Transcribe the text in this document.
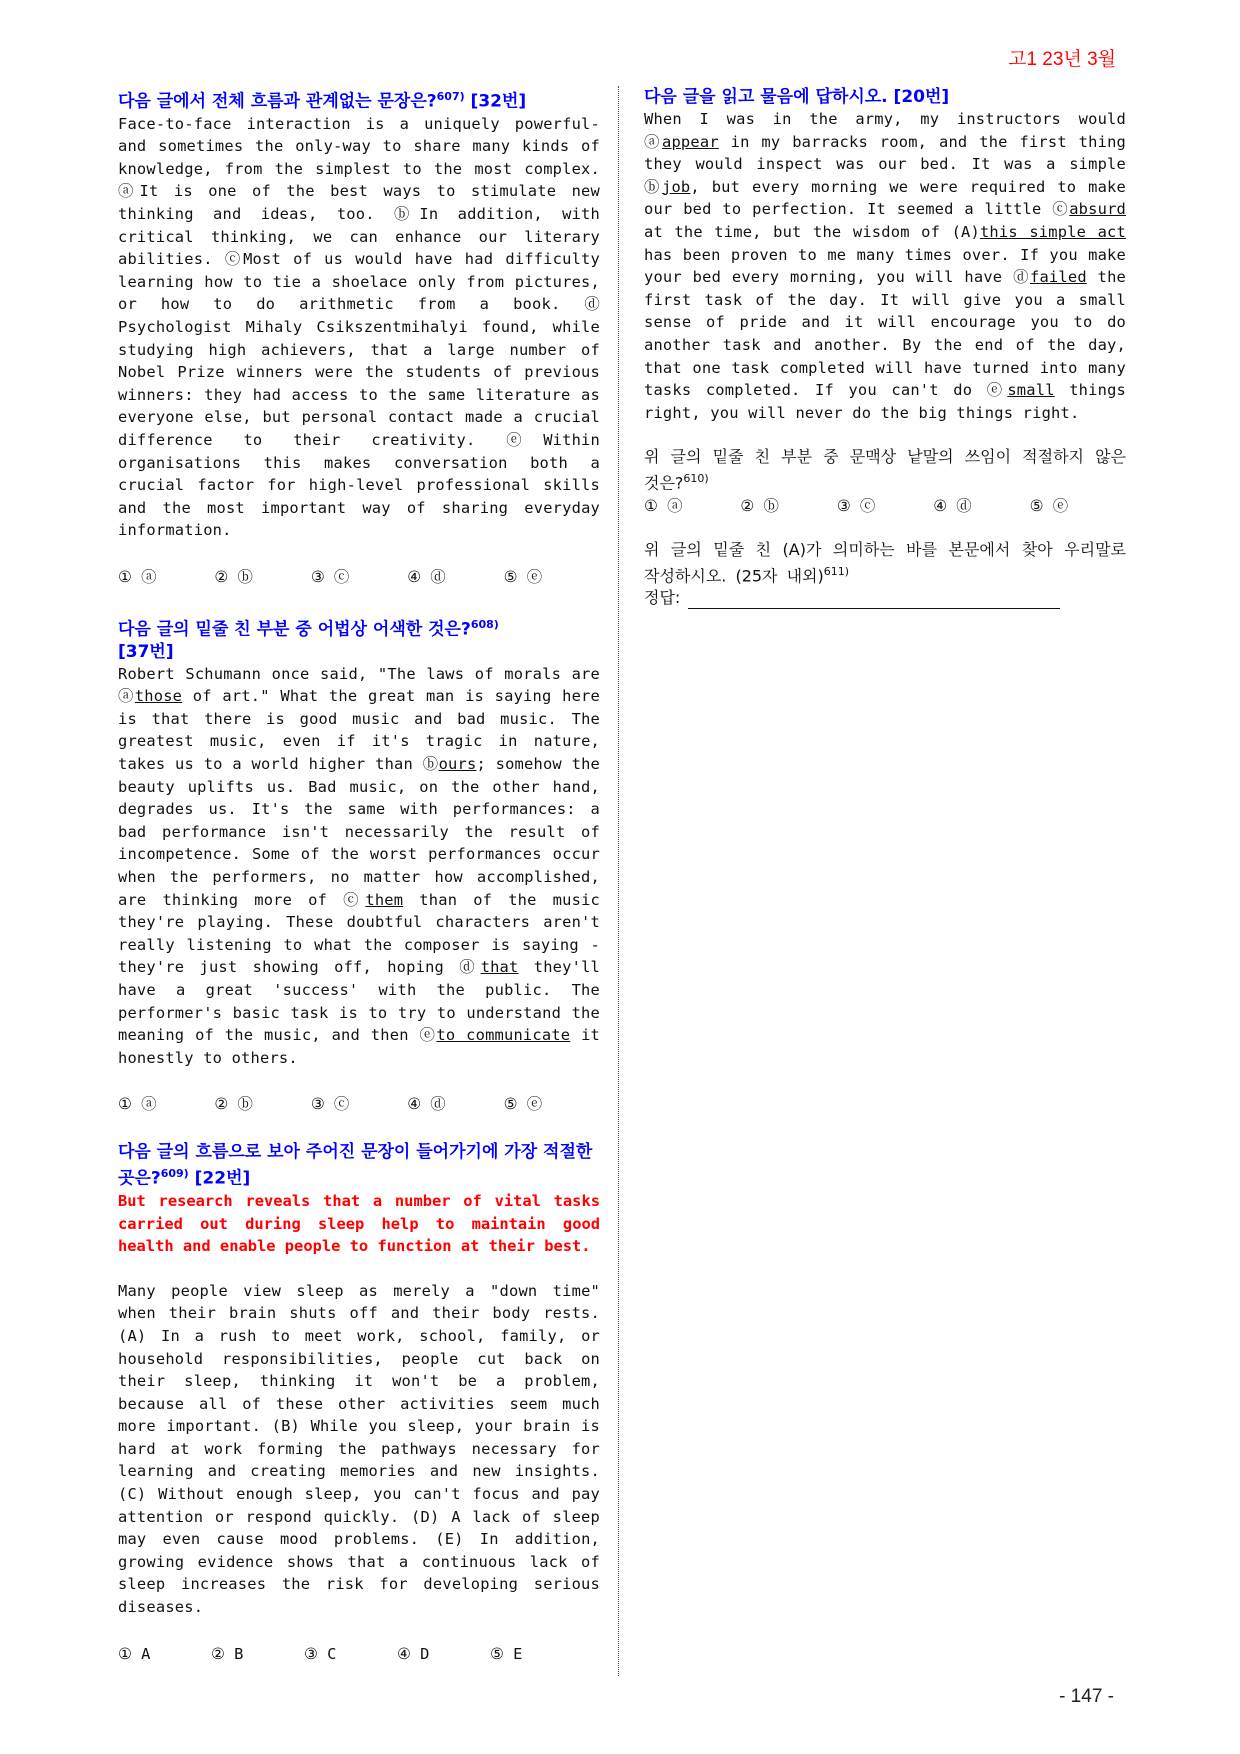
고1 23년 3월

다음 글에서 전체 흐름과 관계없는 문장은?$^{607)}$ [32번]

Face-to-face interaction is a uniquely powerful-and sometimes the only-way to share many kinds of knowledge, from the simplest to the most complex. ⓐIt is one of the best ways to stimulate new thinking and ideas, too. ⓑIn addition, with critical thinking, we can enhance our literary abilities. ⓒMost of us would have had difficulty learning how to tie a shoelace only from pictures, or how to do arithmetic from a book. ⓓ Psychologist Mihaly Csikszentmihalyi found, while studying high achievers, that a large number of Nobel Prize winners were the students of previous winners: they had access to the same literature as everyone else, but personal contact made a crucial difference to their creativity. ⓔWithin organisations this makes conversation both a crucial factor for high-level professional skills and the most important way of sharing everyday information.

① ⓐ	② ⓑ	③ ⓒ	④ ⓓ	⑤ ⓔ

다음 글의 밑줄 친 부분 중 어법상 어색한 것은?$^{608)}$
[37번]

Robert Schumann once said, "The laws of morals are ⓐthose of art." What the great man is saying here is that there is good music and bad music. The greatest music, even if it's tragic in nature, takes us to a world higher than ⓑours; somehow the beauty uplifts us. Bad music, on the other hand, degrades us. It's the same with performances: a bad performance isn't necessarily the result of incompetence. Some of the worst performances occur when the performers, no matter how accomplished, are thinking more of ⓒthem than of the music they're playing. These doubtful characters aren't really listening to what the composer is saying - they're just showing off, hoping ⓓthat they'll have a great 'success' with the public. The performer's basic task is to try to understand the meaning of the music, and then ⓔto communicate it honestly to others.

① ⓐ	② ⓑ	③ ⓒ	④ ⓓ	⑤ ⓔ

다음 글의 흐름으로 보아 주어진 문장이 들어가기에 가장 적절한 곳은?$^{609)}$ [22번]

But research reveals that a number of vital tasks carried out during sleep help to maintain good health and enable people to function at their best.

Many people view sleep as merely a "down time" when their brain shuts off and their body rests. (A) In a rush to meet work, school, family, or household responsibilities, people cut back on their sleep, thinking it won't be a problem, because all of these other activities seem much more important. (B) While you sleep, your brain is hard at work forming the pathways necessary for learning and creating memories and new insights. (C) Without enough sleep, you can't focus and pay attention or respond quickly. (D) A lack of sleep may even cause mood problems. (E) In addition, growing evidence shows that a continuous lack of sleep increases the risk for developing serious diseases.

① A	② B	③ C	④ D	⑤ E

다음 글을 읽고 물음에 답하시오. [20번]

When I was in the army, my instructors would ⓐappear in my barracks room, and the first thing they would inspect was our bed. It was a simple ⓑjob, but every morning we were required to make our bed to perfection. It seemed a little ⓒabsurd at the time, but the wisdom of (A)this simple act has been proven to me many times over. If you make your bed every morning, you will have ⓓfailed the first task of the day. It will give you a small sense of pride and it will encourage you to do another task and another. By the end of the day, that one task completed will have turned into many tasks completed. If you can't do ⓔsmall things right, you will never do the big things right.

위 글의 밑줄 친 부분 중 문맥상 낱말의 쓰임이 적절하지 않은 것은?$^{610)}$

① ⓐ	② ⓑ	③ ⓒ	④ ⓓ	⑤ ⓔ

위 글의 밑줄 친 (A)가 의미하는 바를 본문에서 찾아 우리말로 작성하시오. (25자 내외)$^{611)}$

정답:
- 147 -
